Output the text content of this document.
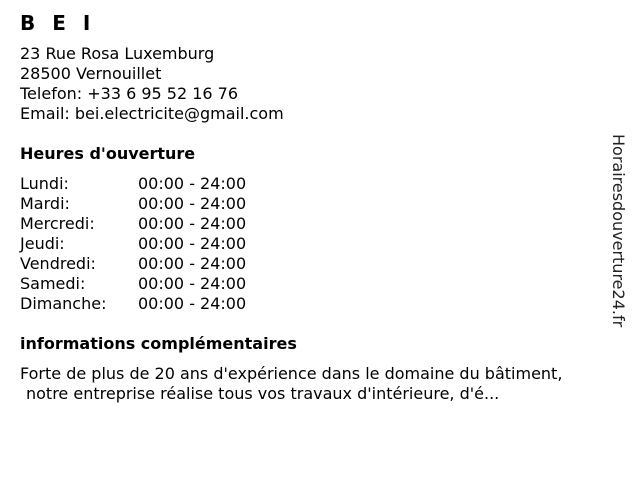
B E I
23 Rue Rosa Luxemburg
28500 Vernouillet
Telefon: +33 6 95 52 16 76
Email: bei.electricite@gmail.com
Heures d'ouverture
Lundi:	00:00 - 24:00
Mardi:	00:00 - 24:00
Mercredi:	00:00 - 24:00
Jeudi:	00:00 - 24:00
Vendredi:	00:00 - 24:00
Samedi:	00:00 - 24:00
Dimanche: 00:00 - 24:00
informations complémentaires
Forte de plus de 20 ans d'expérience dans le domaine du bâtiment,
notre entreprise réalise tous vos travaux d'intérieure, d'é...
Horairesdouverture24.fr
